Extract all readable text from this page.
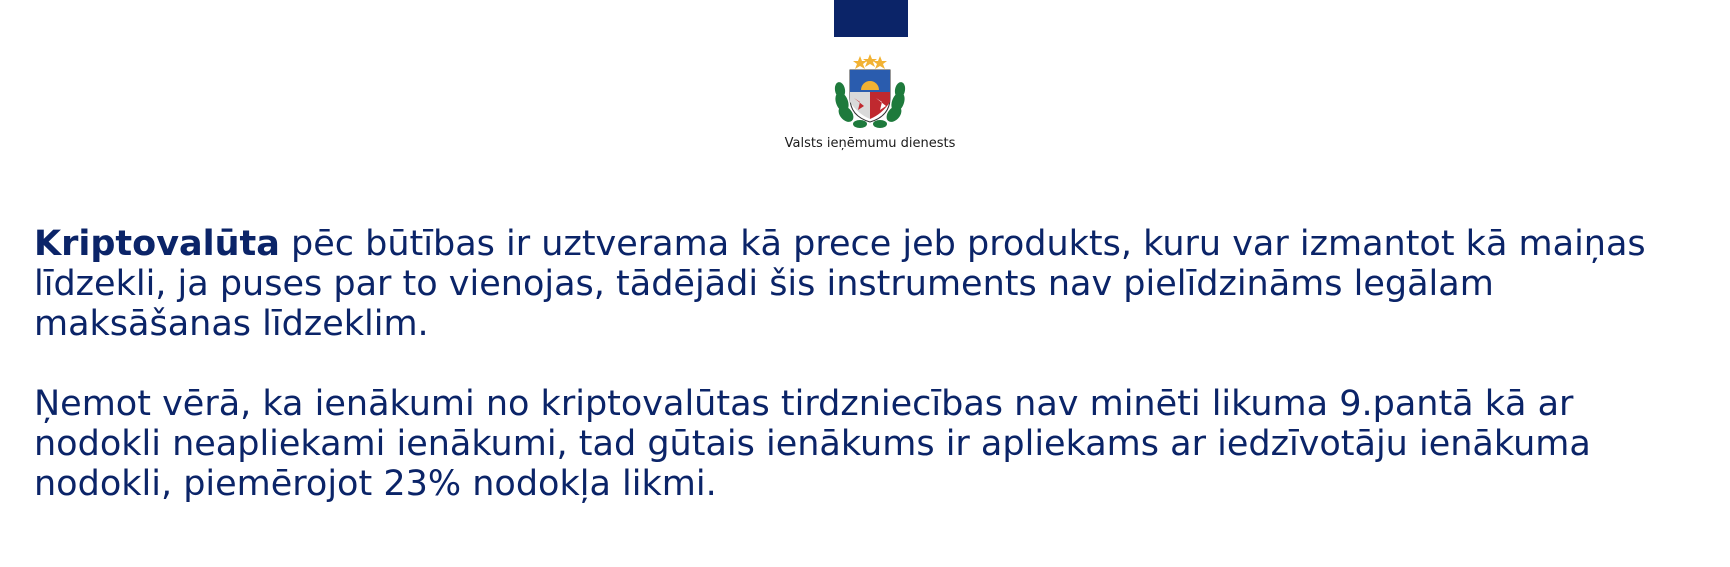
Valsts ieņēmumu dienests

Kriptovalūta pēc būtības ir uztverama kā prece jeb produkts, kuru var izmantot kā maiņas līdzekli, ja puses par to vienojas, tādējādi šis instruments nav pielīdzināms legālam maksāšanas līdzeklim.

Ņemot vērā, ka ienākumi no kriptovalūtas tirdzniecības nav minēti likuma 9.pantā kā ar nodokli neapliekami ienākumi, tad gūtais ienākums ir apliekams ar iedzīvotāju ienākuma nodokli, piemērojot 23% nodokļa likmi.
